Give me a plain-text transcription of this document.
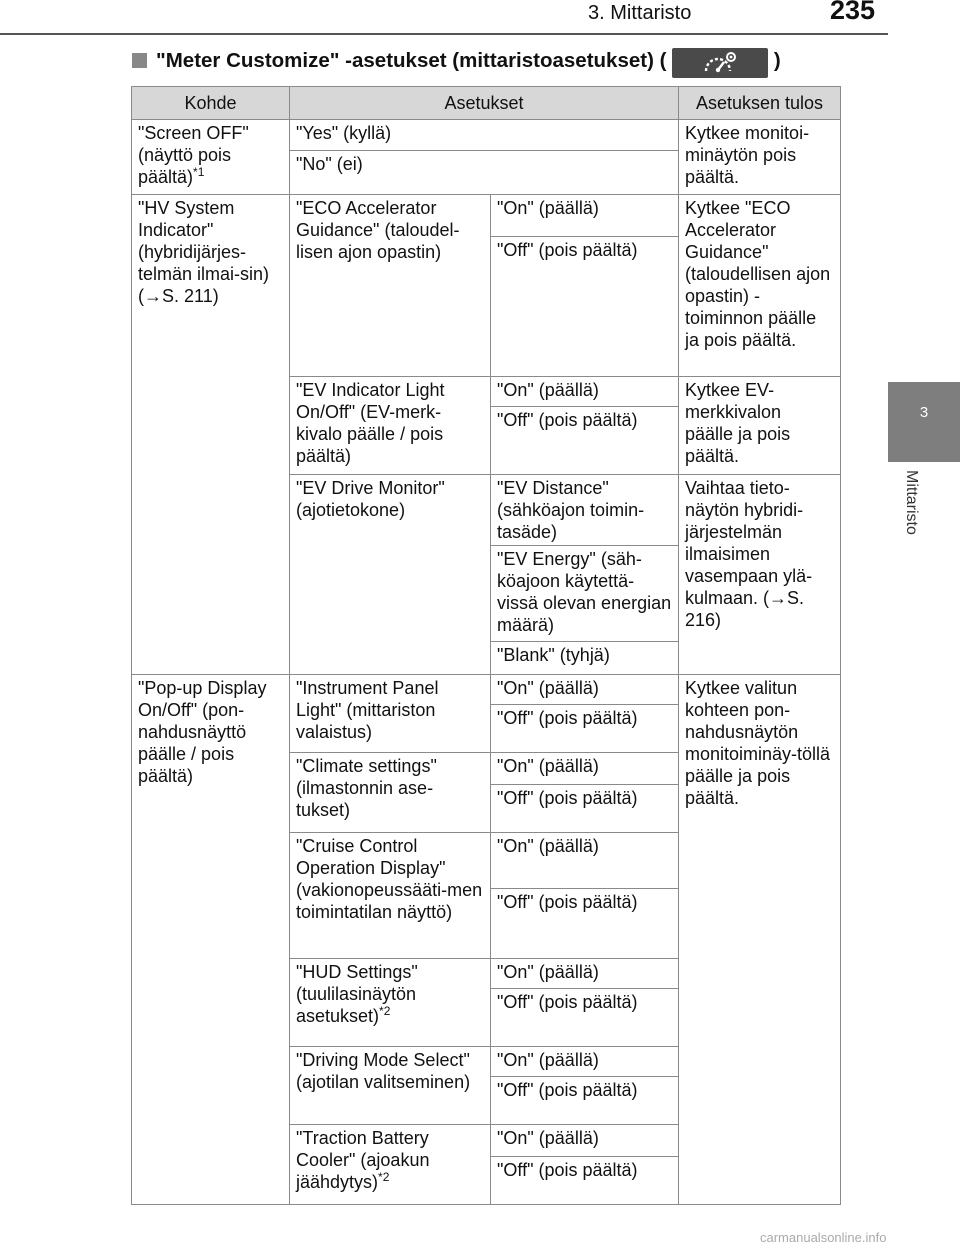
3. Mittaristo	235
3
Mittaristo
"Meter Customize" -asetukset (mittaristoasetukset) (	)
Kohde	Asetukset		Asetuksen tulos
"Screen OFF" (näyttö pois päältä)$^{*1}$	"Yes" (kyllä)		Kytkee monitoi-minäytön pois päältä.
	"No" (ei)		
"HV System Indicator" (hybridijärjes-telmän ilmai-sin) (→S. 211)	"ECO Accelerator Guidance" (taloudel-lisen ajon opastin)	"On" (päällä)	Kytkee "ECO Accelerator Guidance" (taloudellisen ajon opastin) -toiminnon päälle ja pois päältä.
		"Off" (pois päältä)	
	"EV Indicator Light On/Off" (EV-merk-kivalo päälle / pois päältä)	"On" (päällä)	Kytkee EV-merkkivalon päälle ja pois päältä.
		"Off" (pois päältä)	
	"EV Drive Monitor" (ajotietokone)	"EV Distance" (sähköajon toimin-tasäde)	Vaihtaa tieto-näytön hybridi-järjestelmän ilmaisimen vasempaan ylä-kulmaan. (→S. 216)
		"EV Energy" (säh-köajoon käytettä-vissä olevan energian määrä)	
		"Blank" (tyhjä)	
"Pop-up Display On/Off" (pon-nahdusnäyttö päälle / pois päältä)	"Instrument Panel Light" (mittariston valaistus)	"On" (päällä)	Kytkee valitun kohteen pon-nahdusnäytön monitoiminäy-töllä päälle ja pois päältä.
		"Off" (pois päältä)	
	"Climate settings" (ilmastonnin ase-tukset)	"On" (päällä)	
		"Off" (pois päältä)	
	"Cruise Control Operation Display" (vakionopeussääti-men toimintatilan näyttö)	"On" (päällä)	
		"Off" (pois päältä)	
	"HUD Settings" (tuulilasinäytön asetukset)$^{*2}$	"On" (päällä)	
		"Off" (pois päältä)	
	"Driving Mode Select" (ajotilan valitseminen)	"On" (päällä)	
		"Off" (pois päältä)	
	"Traction Battery Cooler" (ajoakun jäähdytys)$^{*2}$	"On" (päällä)	
		"Off" (pois päältä)	
carmanualsonline.info
